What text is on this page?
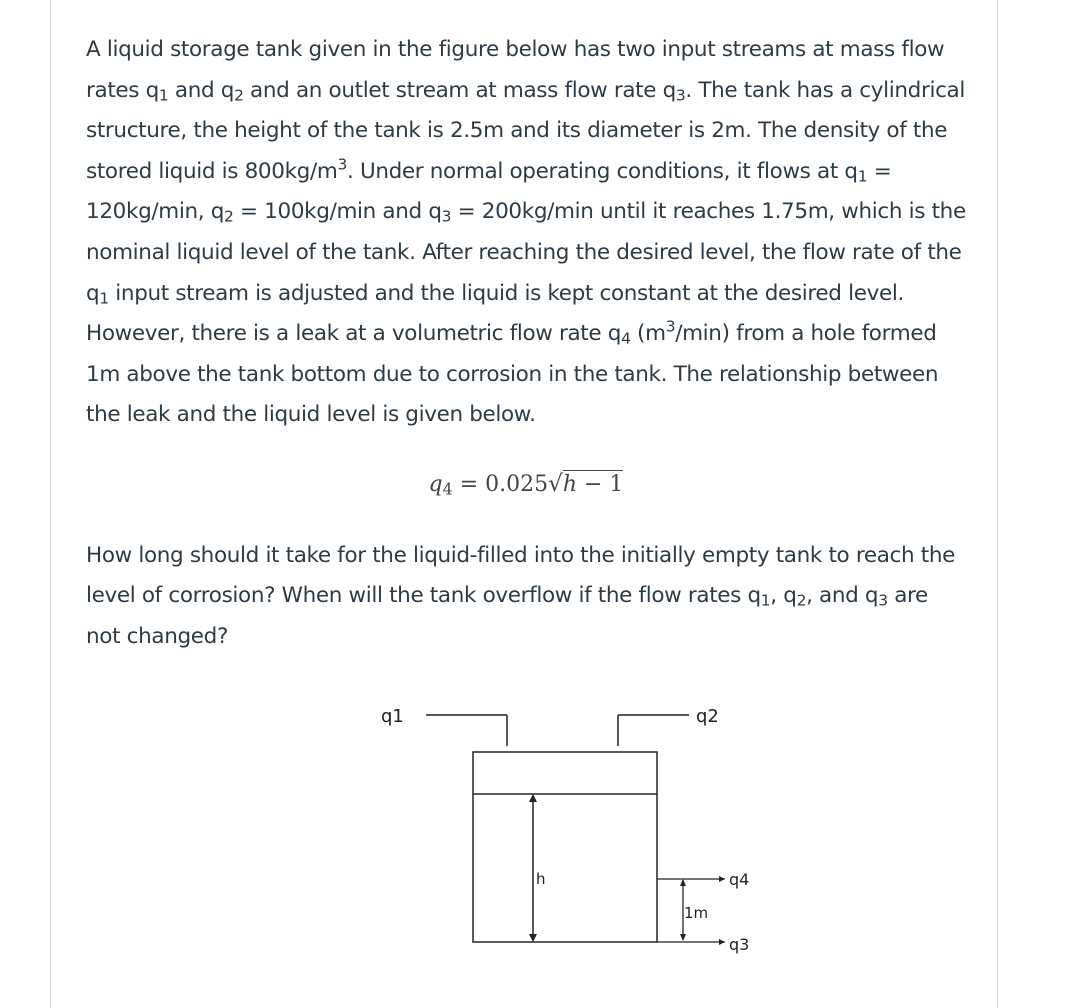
A liquid storage tank given in the figure below has two input streams at mass flow rates $q_1$ and $q_2$ and an outlet stream at mass flow rate $q_3$. The tank has a cylindrical structure, the height of the tank is 2.5m and its diameter is 2m. The density of the stored liquid is $800kg/m^3$. Under normal operating conditions, it flows at $q_1 = 120kg/\min$, $q_2 = 100kg/\min$ and $q_3 = 200kg/\min$ until it reaches 1.75m, which is the nominal liquid level of the tank. After reaching the desired level, the flow rate of the $q_1$ input stream is adjusted and the liquid is kept constant at the desired level. However, there is a leak at a volumetric flow rate $q_4$ $(m^3/\min)$ from a hole formed 1m above the tank bottom due to corrosion in the tank. The relationship between the leak and the liquid level is given below.

$q_4 = 0.025√h - 1$

How long should it take for the liquid-filled into the initially empty tank to reach the level of corrosion? When will the tank overflow if the flow rates $q_1$, $q_2$, and $q_3$ are not changed?

q1	q2
h
1m
q4
q3
